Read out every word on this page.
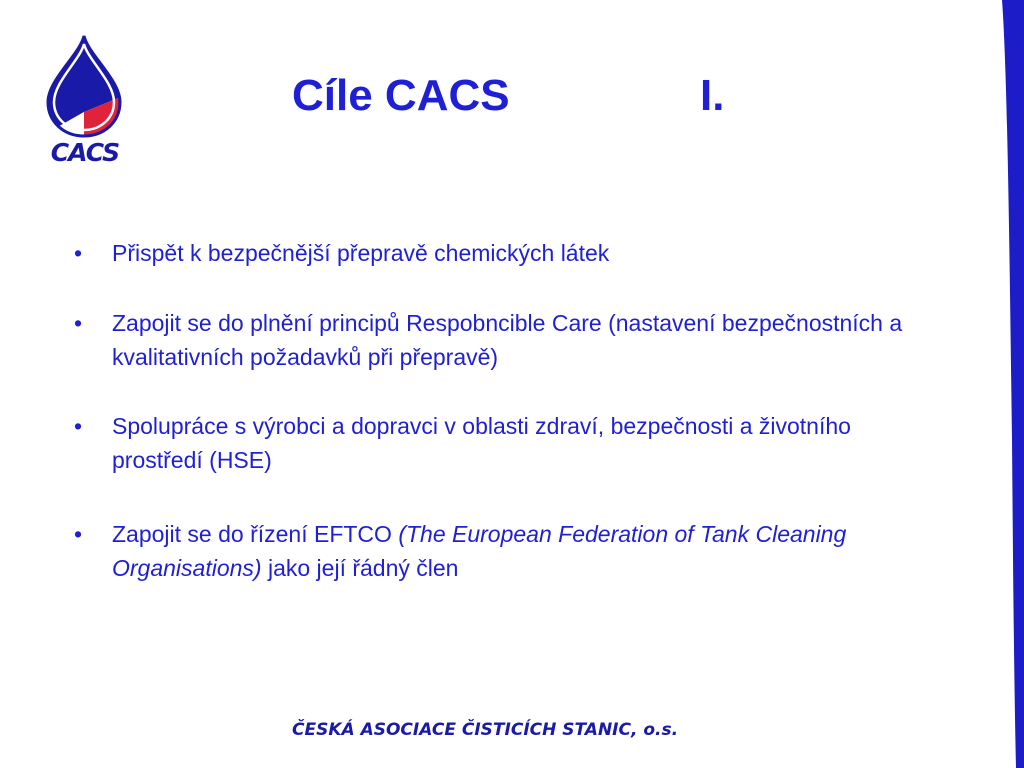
CACS
Cíle CACS	I.
• Přispět k bezpečnější přepravě chemických látek
• Zapojit se do plnění principů Respobncible Care (nastavení bezpečnostních a kvalitativních požadavků při přepravě)
• Spolupráce s výrobci a dopravci v oblasti zdraví, bezpečnosti a životního prostředí (HSE)
• Zapojit se do řízení EFTCO (The European Federation of Tank Cleaning Organisations) jako její řádný člen
ČESKÁ ASOCIACE ČISTICÍCH STANIC, o.s.
